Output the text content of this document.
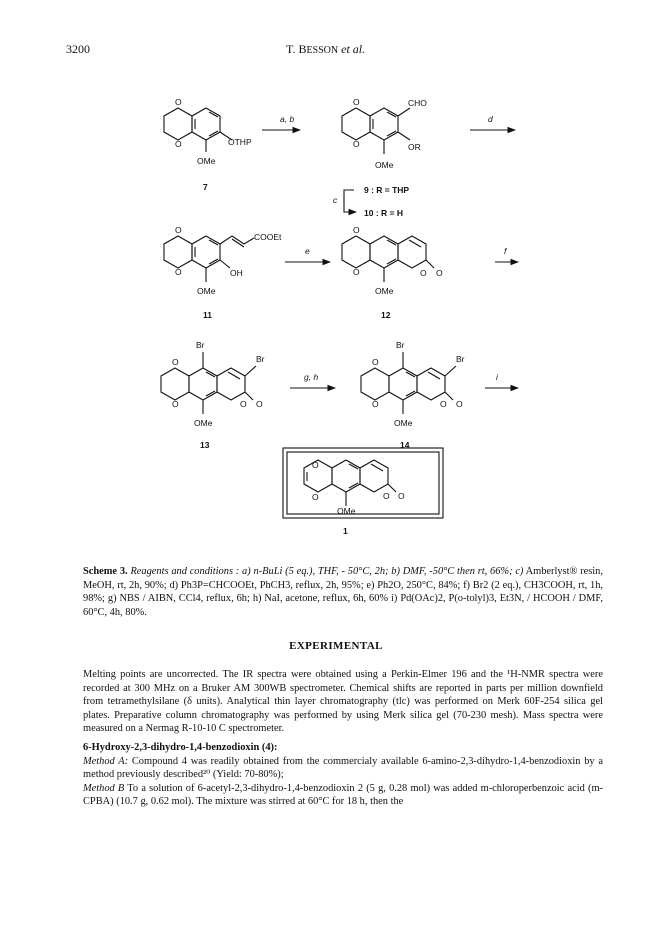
3200	T. BESSON et al.
O
O	OTHP
OMe
7
a, b
O
O
CHO
OR
OMe
d
c
9 : R = THP
10 : R = H
O
O
COOEt
OH
OMe
11
e
O
O	O O
OMe
12
f
Br
Br
O
O	O O
OMe
13
g, h
Br
Br
O
O	O O
OMe
14
i
O
O	O O
OMe
1
Scheme 3. Reagents and conditions : a) n-BuLi (5 eq.), THF, - 50°C, 2h; b) DMF, -50°C then rt, 66%; c) Amberlyst® resin, MeOH, rt, 2h, 90%; d) Ph3P=CHCOOEt, PhCH3, reflux, 2h, 95%; e) Ph2O, 250°C, 84%; f) Br2 (2 eq.), CH3COOH, rt, 1h, 98%; g) NBS / AIBN, CCl4, reflux, 6h; h) NaI, acetone, reflux, 6h, 60% i) Pd(OAc)2, P(o-tolyl)3, Et3N, / HCOOH / DMF, 60°C, 4h, 80%.
EXPERIMENTAL
Melting points are uncorrected. The IR spectra were obtained using a Perkin-Elmer 196 and the ¹H-NMR spectra were recorded at 300 MHz on a Bruker AM 300WB spectrometer. Chemical shifts are reported in parts per million downfield from tetramethylsilane (δ units). Analytical thin layer chromatography (tlc) was performed on Merk 60F-254 silica gel plates. Preparative column chromatography was performed by using Merk silica gel (70-230 mesh). Mass spectra were measured on a Nermag R-10-10 C spectrometer.
6-Hydroxy-2,3-dihydro-1,4-benzodioxin (4):
Method A: Compound 4 was readily obtained from the commercialy available 6-amino-2,3-dihydro-1,4-benzodioxin by a method previously described²⁰ (Yield: 70-80%);
Method B To a solution of 6-acetyl-2,3-dihydro-1,4-benzodioxin 2 (5 g, 0.28 mol) was added m-chloroperbenzoic acid (m-CPBA) (10.7 g, 0.62 mol). The mixture was stirred at 60°C for 18 h, then the
